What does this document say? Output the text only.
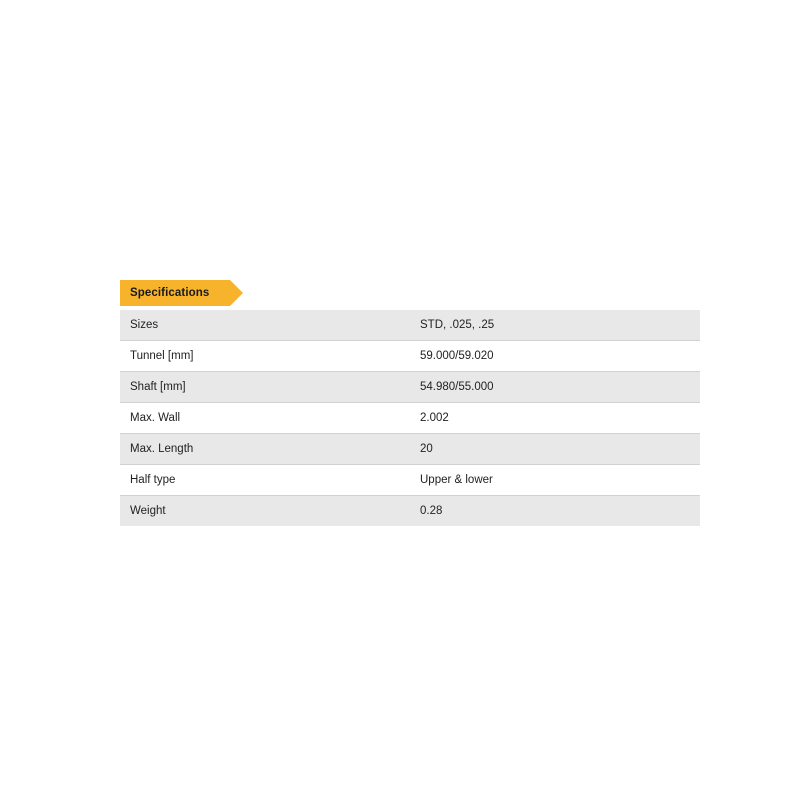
Specifications
Sizes	STD, .025, .25
Tunnel [mm]	59.000/59.020
Shaft [mm]	54.980/55.000
Max. Wall	2.002
Max. Length	20
Half type	Upper & lower
Weight	0.28
